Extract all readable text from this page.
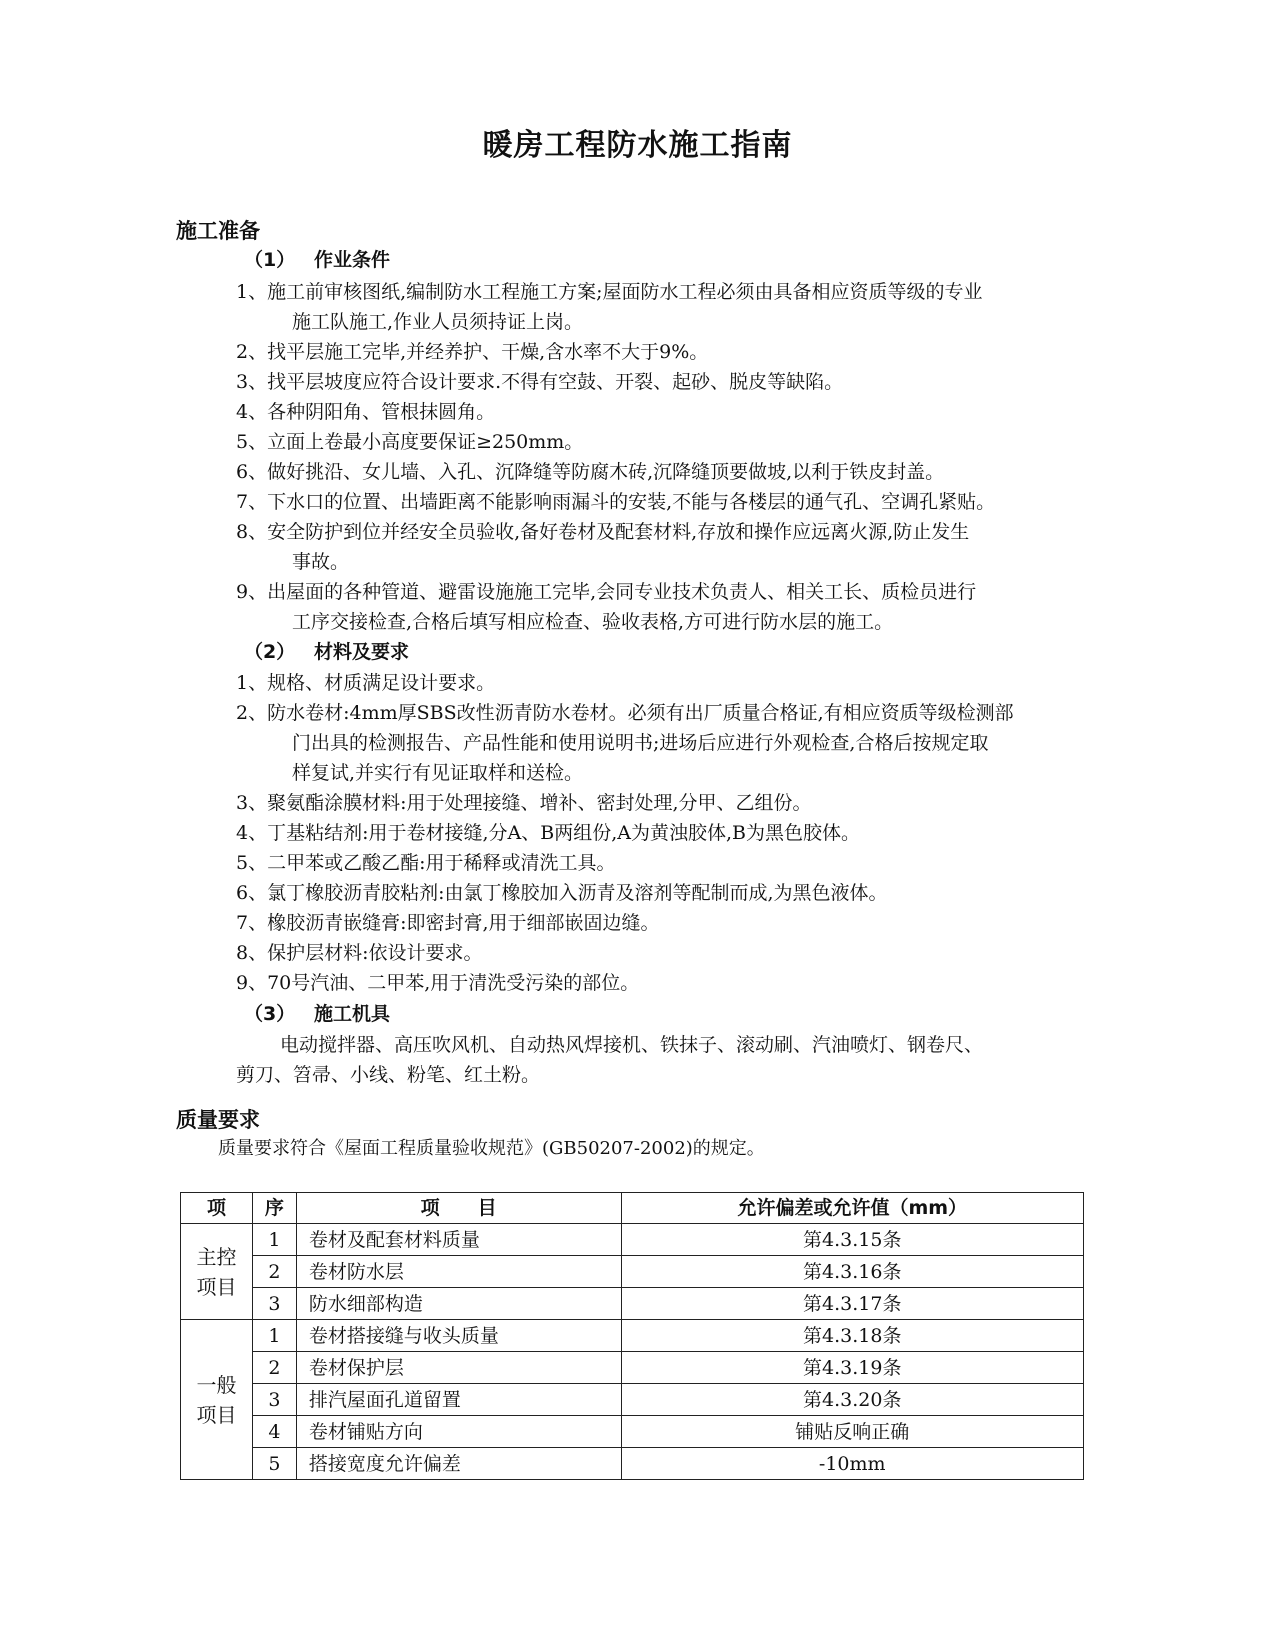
暖房工程防水施工指南
施工准备
（1） 作业条件
1、施工前审核图纸,编制防水工程施工方案;屋面防水工程必须由具备相应资质等级的专业
施工队施工,作业人员须持证上岗。
2、找平层施工完毕,并经养护、干燥,含水率不大于9%。
3、找平层坡度应符合设计要求.不得有空鼓、开裂、起砂、脱皮等缺陷。
4、各种阴阳角、管根抹圆角。
5、立面上卷最小高度要保证≥250mm。
6、做好挑沿、女儿墙、入孔、沉降缝等防腐木砖,沉降缝顶要做坡,以利于铁皮封盖。
7、下水口的位置、出墙距离不能影响雨漏斗的安装,不能与各楼层的通气孔、空调孔紧贴。
8、安全防护到位并经安全员验收,备好卷材及配套材料,存放和操作应远离火源,防止发生
事故。
9、出屋面的各种管道、避雷设施施工完毕,会同专业技术负责人、相关工长、质检员进行
工序交接检查,合格后填写相应检查、验收表格,方可进行防水层的施工。
（2） 材料及要求
1、规格、材质满足设计要求。
2、防水卷材:4mm厚SBS改性沥青防水卷材。必须有出厂质量合格证,有相应资质等级检测部
门出具的检测报告、产品性能和使用说明书;进场后应进行外观检查,合格后按规定取
样复试,并实行有见证取样和送检。
3、聚氨酯涂膜材料:用于处理接缝、增补、密封处理,分甲、乙组份。
4、丁基粘结剂:用于卷材接缝,分A、B两组份,A为黄浊胶体,B为黑色胶体。
5、二甲苯或乙酸乙酯:用于稀释或清洗工具。
6、氯丁橡胶沥青胶粘剂:由氯丁橡胶加入沥青及溶剂等配制而成,为黑色液体。
7、橡胶沥青嵌缝膏:即密封膏,用于细部嵌固边缝。
8、保护层材料:依设计要求。
9、70号汽油、二甲苯,用于清洗受污染的部位。
（3） 施工机具
电动搅拌器、高压吹风机、自动热风焊接机、铁抹子、滚动刷、汽油喷灯、钢卷尺、
剪刀、笤帚、小线、粉笔、红土粉。
质量要求
质量要求符合《屋面工程质量验收规范》(GB50207-2002)的规定。
项	序	项　　目	允许偏差或允许值（mm）

主控
项目	1	卷材及配套材料质量	第4.3.15条
	2	卷材防水层	第4.3.16条
	3	防水细部构造	第4.3.17条

一般
项目	1	卷材搭接缝与收头质量	第4.3.18条
	2	卷材保护层	第4.3.19条
	3	排汽屋面孔道留置	第4.3.20条
	4	卷材铺贴方向	铺贴反响正确
	5	搭接宽度允许偏差	-10mm
